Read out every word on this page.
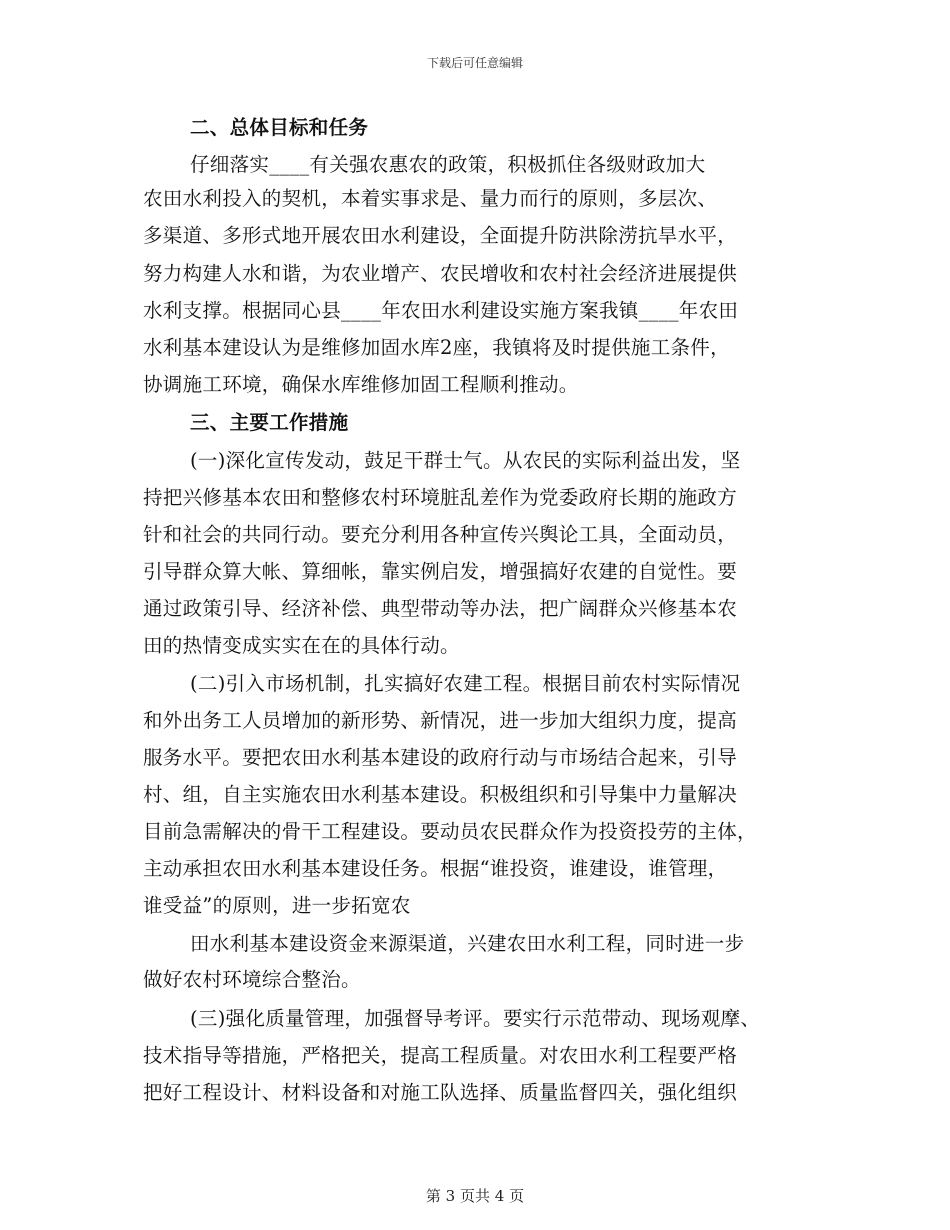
下载后可任意编辑
二、总体目标和任务
仔细落实____有关强农惠农的政策，积极抓住各级财政加大
农田水利投入的契机，本着实事求是、量力而行的原则，多层次、
多渠道、多形式地开展农田水利建设，全面提升防洪除涝抗旱水平，
努力构建人水和谐，为农业增产、农民增收和农村社会经济进展提供
水利支撑。根据同心县____年农田水利建设实施方案我镇____年农田
水利基本建设认为是维修加固水库2座，我镇将及时提供施工条件，
协调施工环境，确保水库维修加固工程顺利推动。
三、主要工作措施
(一)深化宣传发动，鼓足干群士气。从农民的实际利益出发，坚
持把兴修基本农田和整修农村环境脏乱差作为党委政府长期的施政方
针和社会的共同行动。要充分利用各种宣传兴舆论工具，全面动员，
引导群众算大帐、算细帐，靠实例启发，增强搞好农建的自觉性。要
通过政策引导、经济补偿、典型带动等办法，把广阔群众兴修基本农
田的热情变成实实在在的具体行动。
(二)引入市场机制，扎实搞好农建工程。根据目前农村实际情况
和外出务工人员增加的新形势、新情况，进一步加大组织力度，提高
服务水平。要把农田水利基本建设的政府行动与市场结合起来，引导
村、组，自主实施农田水利基本建设。积极组织和引导集中力量解决
目前急需解决的骨干工程建设。要动员农民群众作为投资投劳的主体，
主动承担农田水利基本建设任务。根据“谁投资，谁建设，谁管理，
谁受益”的原则，进一步拓宽农
田水利基本建设资金来源渠道，兴建农田水利工程，同时进一步
做好农村环境综合整治。
(三)强化质量管理，加强督导考评。要实行示范带动、现场观摩、
技术指导等措施，严格把关，提高工程质量。对农田水利工程要严格
把好工程设计、材料设备和对施工队选择、质量监督四关，强化组织
第 3 页共 4 页
